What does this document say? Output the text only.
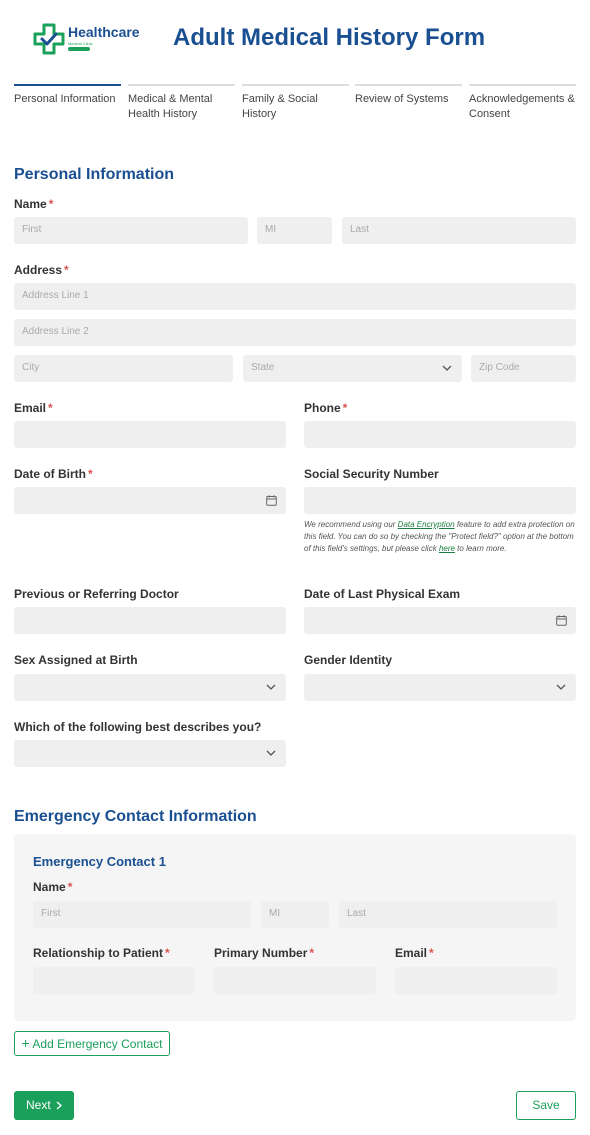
Healthcare
Medical Clinic	Adult Medical History Form
Personal Information	Medical & Mental Health History
Family & Social History
Review of Systems	Acknowledgements & Consent
Personal Information
Name *
First	MI	Last
Address *
Address Line 1
Address Line 2
City	State	Zip Code
Email *	Phone *
Date of Birth *	Social Security Number
We recommend using our Data Encryption feature to add extra protection on this field. You can do so by checking the "Protect field?" option at the bottom of this field's settings, but please click here to learn more.
Previous or Referring Doctor	Date of Last Physical Exam
Sex Assigned at Birth	Gender Identity
Which of the following best describes you?
Emergency Contact Information
Emergency Contact 1
Name *
First	MI	Last
Relationship to Patient *	Primary Number *	Email *
+ Add Emergency Contact
Next	Save
